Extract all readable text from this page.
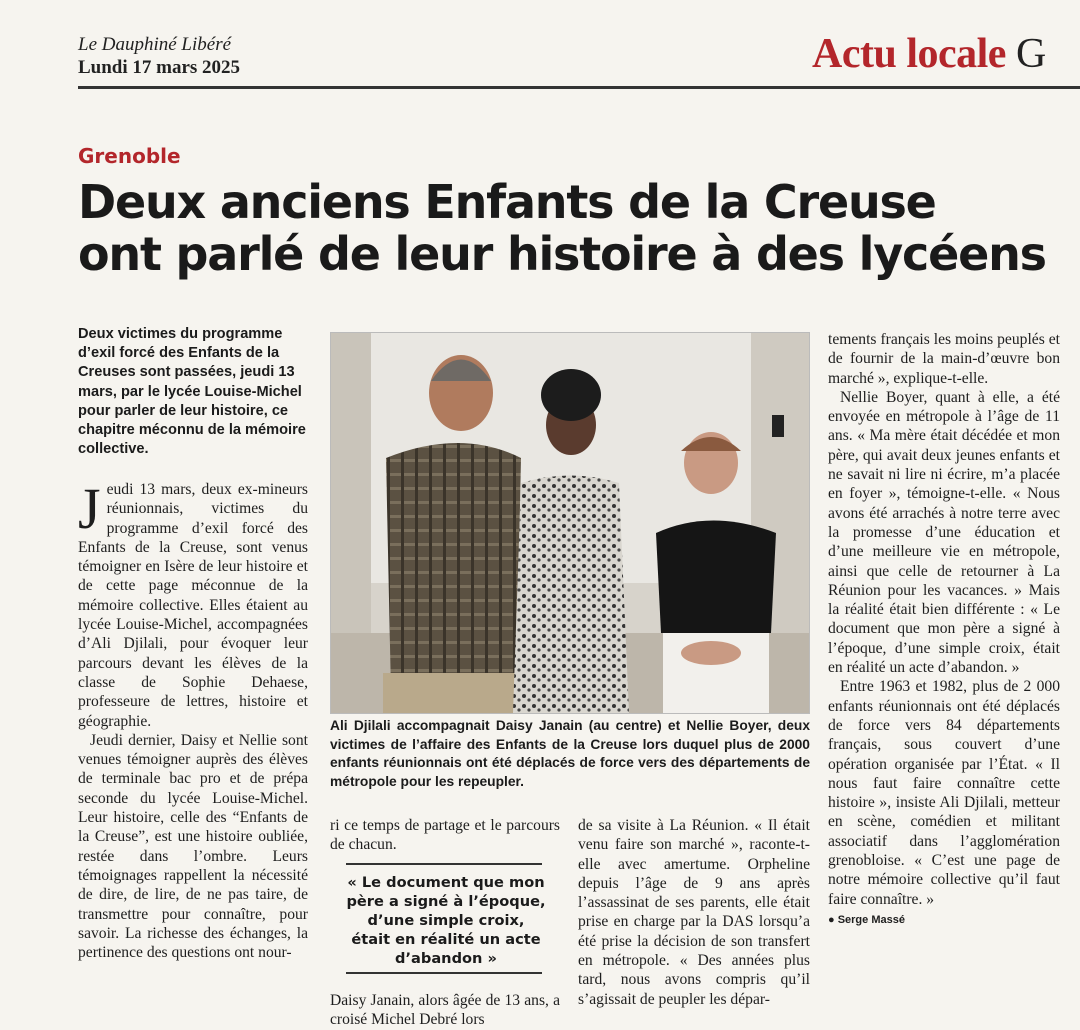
Le Dauphiné Libéré
Lundi 17 mars 2025	Actu locale G
Grenoble
Deux anciens Enfants de la Creuse
ont parlé de leur histoire à des lycéens
Deux victimes du programme d’exil forcé des Enfants de la Creuses sont passées, jeudi 13 mars, par le lycée Louise-Michel pour parler de leur histoire, ce chapitre méconnu de la mémoire collective.

Jeudi 13 mars, deux ex-mineurs réunionnais, victimes du programme d’exil forcé des Enfants de la Creuse, sont venus témoigner en Isère de leur histoire et de cette page méconnue de la mémoire collective. Elles étaient au lycée Louise-Michel, accompagnées d’Ali Djilali, pour évoquer leur parcours devant les élèves de la classe de Sophie Dehaese, professeure de lettres, histoire et géographie.

Jeudi dernier, Daisy et Nellie sont venues témoigner auprès des élèves de terminale bac pro et de prépa seconde du lycée Louise-Michel. Leur histoire, celle des “Enfants de la Creuse”, est une histoire oubliée, restée dans l’ombre. Leurs témoignages rappellent la nécessité de dire, de lire, de ne pas taire, de transmettre pour connaître, pour savoir. La richesse des échanges, la pertinence des questions ont nour-

Ali Djilali accompagnait Daisy Janain (au centre) et Nellie Boyer, deux victimes de l’affaire des Enfants de la Creuse lors duquel plus de 2000 enfants réunionnais ont été déplacés de force vers des départements de métropole pour les repeupler.
ri ce temps de partage et le parcours de chacun.
« Le document que mon père a signé à l’époque, d’une simple croix, était en réalité un acte d’abandon »
Daisy Janain, alors âgée de 13 ans, a croisé Michel Debré lors
de sa visite à La Réunion. « Il était venu faire son marché », raconte-t-elle avec amertume. Orpheline depuis l’âge de 9 ans après l’assassinat de ses parents, elle était prise en charge par la DAS lorsqu’a été prise la décision de son transfert en métropole. « Des années plus tard, nous avons compris qu’il s’agissait de peupler les dépar-

tements français les moins peuplés et de fournir de la main-d’œuvre bon marché », explique-t-elle.

Nellie Boyer, quant à elle, a été envoyée en métropole à l’âge de 11 ans. « Ma mère était décédée et mon père, qui avait deux jeunes enfants et ne savait ni lire ni écrire, m’a placée en foyer », témoigne-t-elle. « Nous avons été arrachés à notre terre avec la promesse d’une éducation et d’une meilleure vie en métropole, ainsi que celle de retourner à La Réunion pour les vacances. » Mais la réalité était bien différente : « Le document que mon père a signé à l’époque, d’une simple croix, était en réalité un acte d’abandon. »

Entre 1963 et 1982, plus de 2 000 enfants réunionnais ont été déplacés de force vers 84 départements français, sous couvert d’une opération organisée par l’État. « Il nous faut faire connaître cette histoire », insiste Ali Djilali, metteur en scène, comédien et militant associatif dans l’agglomération grenobloise. « C’est une page de notre mémoire collective qu’il faut faire connaître. »

● Serge Massé
